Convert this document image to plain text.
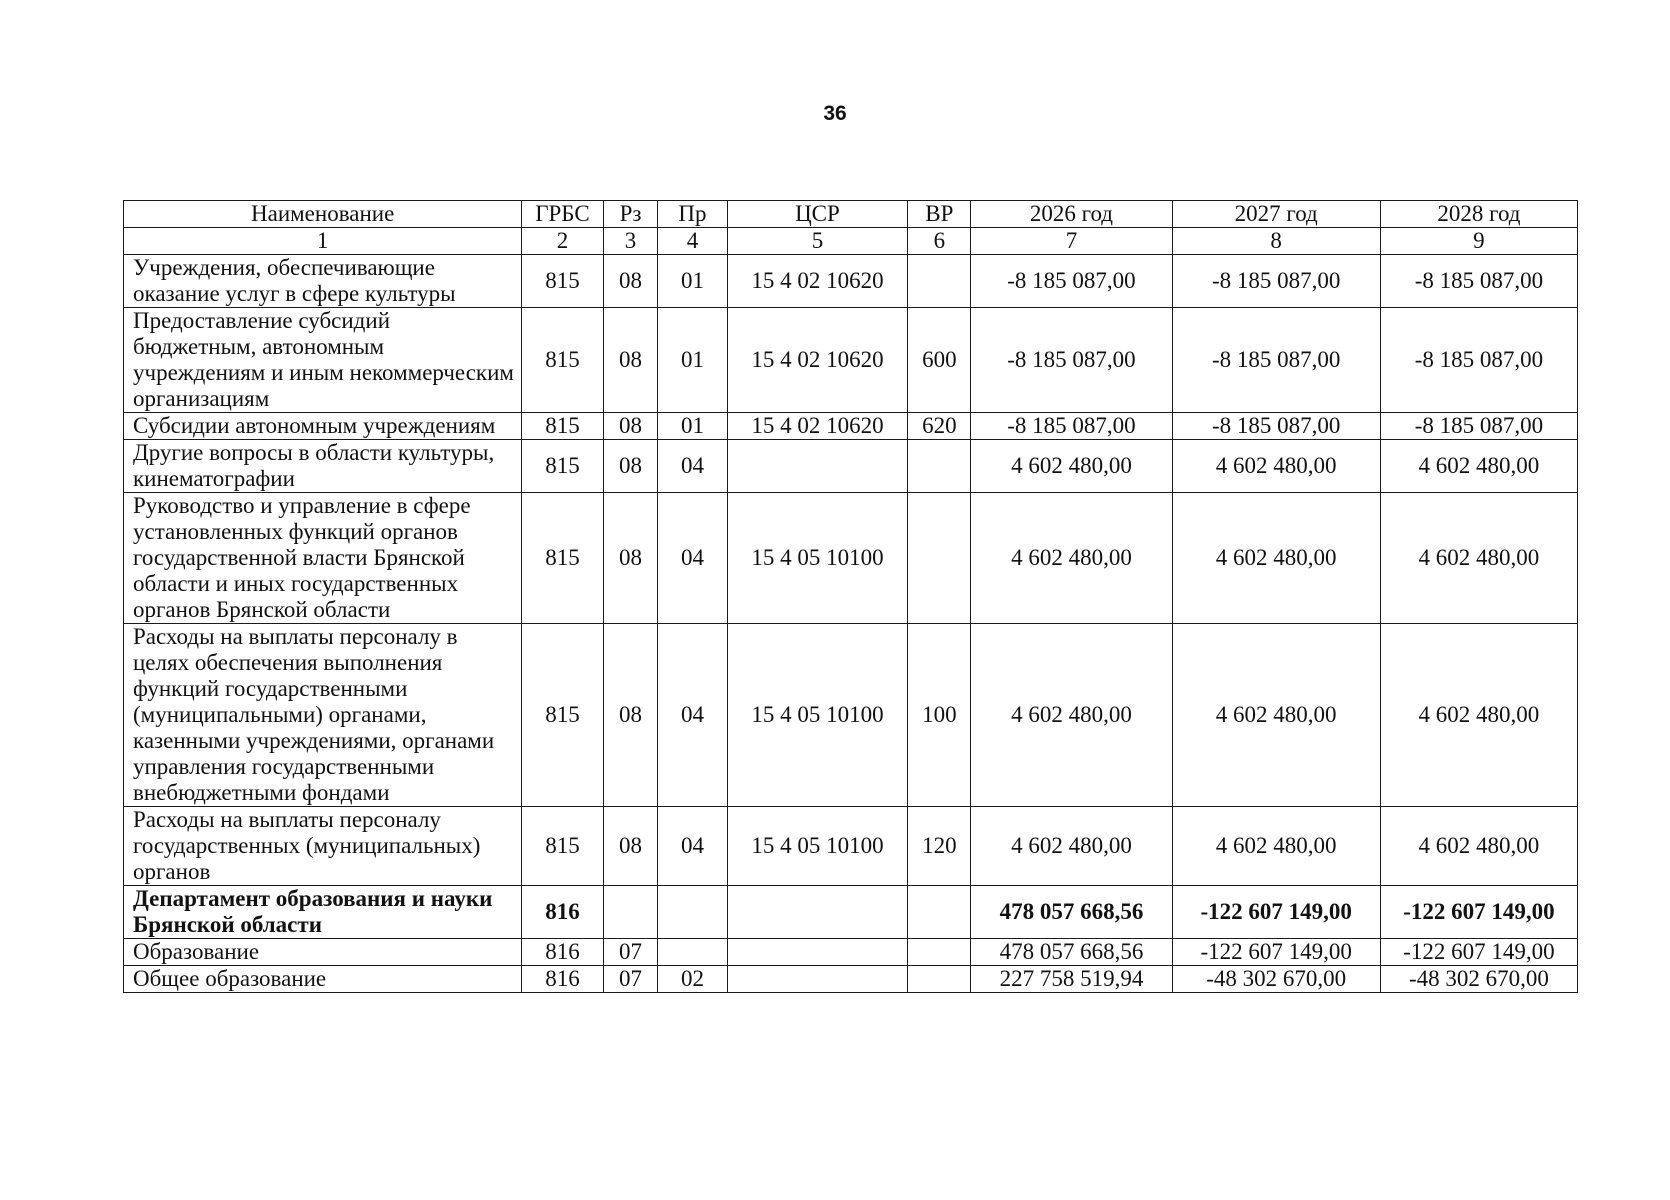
36
Наименование	ГРБС	Рз	Пр	ЦСР	ВР	2026 год	2027 год	2028 год
1	2	3	4	5	6	7	8	9
Учреждения, обеспечивающие оказание услуг в сфере культуры	815	08	01	15 4 02 10620		-8 185 087,00	-8 185 087,00	-8 185 087,00
Предоставление субсидий бюджетным, автономным учреждениям и иным некоммерческим организациям	815	08	01	15 4 02 10620	600	-8 185 087,00	-8 185 087,00	-8 185 087,00
Субсидии автономным учреждениям	815	08	01	15 4 02 10620	620	-8 185 087,00	-8 185 087,00	-8 185 087,00
Другие вопросы в области культуры, кинематографии	815	08	04			4 602 480,00	4 602 480,00	4 602 480,00
Руководство и управление в сфере установленных функций органов государственной власти Брянской области и иных государственных органов Брянской области	815	08	04	15 4 05 10100		4 602 480,00	4 602 480,00	4 602 480,00
Расходы на выплаты персоналу в целях обеспечения выполнения функций государственными (муниципальными) органами, казенными учреждениями, органами управления государственными внебюджетными фондами	815	08	04	15 4 05 10100	100	4 602 480,00	4 602 480,00	4 602 480,00
Расходы на выплаты персоналу государственных (муниципальных) органов	815	08	04	15 4 05 10100	120	4 602 480,00	4 602 480,00	4 602 480,00
Департамент образования и науки Брянской области	816					478 057 668,56	-122 607 149,00	-122 607 149,00
Образование	816	07				478 057 668,56	-122 607 149,00	-122 607 149,00
Общее образование	816	07	02			227 758 519,94	-48 302 670,00	-48 302 670,00
